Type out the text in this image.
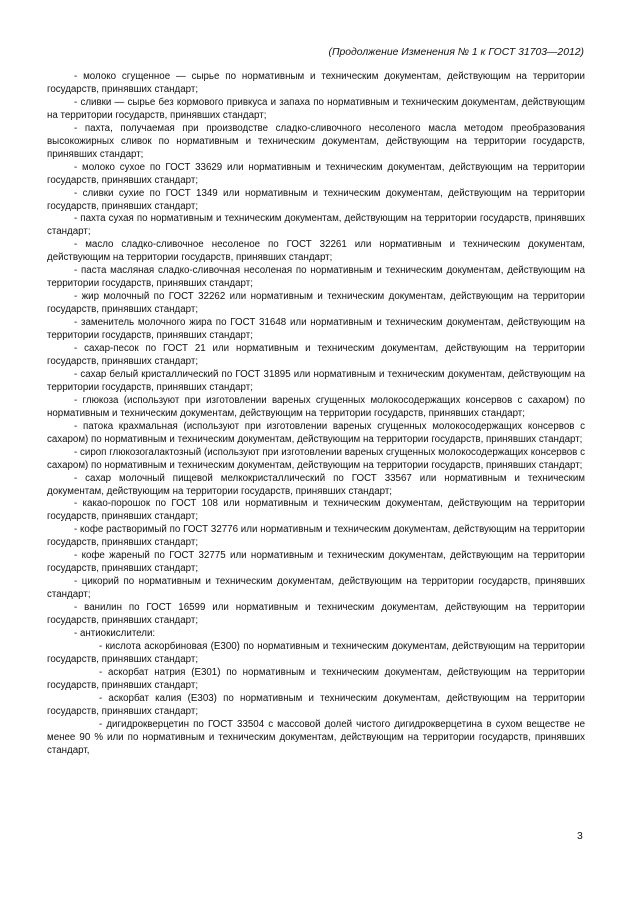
(Продолжение Изменения № 1 к ГОСТ 31703—2012)

- молоко сгущенное — сырье по нормативным и техническим документам, действующим на территории государств, принявших стандарт;

- сливки — сырье без кормового привкуса и запаха по нормативным и техническим документам, действующим на территории государств, принявших стандарт;

- пахта, получаемая при производстве сладко-сливочного несоленого масла методом преобразования высокожирных сливок по нормативным и техническим документам, действующим на территории государств, принявших стандарт;

- молоко сухое по ГОСТ 33629 или нормативным и техническим документам, действующим на территории государств, принявших стандарт;

- сливки сухие по ГОСТ 1349 или нормативным и техническим документам, действующим на территории государств, принявших стандарт;

- пахта сухая по нормативным и техническим документам, действующим на территории государств, принявших стандарт;

- масло сладко-сливочное несоленое по ГОСТ 32261 или нормативным и техническим документам, действующим на территории государств, принявших стандарт;

- паста масляная сладко-сливочная несоленая по нормативным и техническим документам, действующим на территории государств, принявших стандарт;

- жир молочный по ГОСТ 32262 или нормативным и техническим документам, действующим на территории государств, принявших стандарт;

- заменитель молочного жира по ГОСТ 31648 или нормативным и техническим документам, действующим на территории государств, принявших стандарт;

- сахар-песок по ГОСТ 21 или нормативным и техническим документам, действующим на территории государств, принявших стандарт;

- сахар белый кристаллический по ГОСТ 31895 или нормативным и техническим документам, действующим на территории государств, принявших стандарт;

- глюкоза (используют при изготовлении вареных сгущенных молокосодержащих консервов с сахаром) по нормативным и техническим документам, действующим на территории государств, принявших стандарт;

- патока крахмальная (используют при изготовлении вареных сгущенных молокосодержащих консервов с сахаром) по нормативным и техническим документам, действующим на территории государств, принявших стандарт;

- сироп глюкозогалактозный (используют при изготовлении вареных сгущенных молокосодержащих консервов с сахаром) по нормативным и техническим документам, действующим на территории государств, принявших стандарт;

- сахар молочный пищевой мелкокристаллический по ГОСТ 33567 или нормативным и техническим документам, действующим на территории государств, принявших стандарт;

- какао-порошок по ГОСТ 108 или нормативным и техническим документам, действующим на территории государств, принявших стандарт;

- кофе растворимый по ГОСТ 32776 или нормативным и техническим документам, действующим на территории государств, принявших стандарт;

- кофе жареный по ГОСТ 32775 или нормативным и техническим документам, действующим на территории государств, принявших стандарт;

- цикорий по нормативным и техническим документам, действующим на территории государств, принявших стандарт;

- ванилин по ГОСТ 16599 или нормативным и техническим документам, действующим на территории государств, принявших стандарт;

- антиокислители:

- кислота аскорбиновая (Е300) по нормативным и техническим документам, действующим на территории государств, принявших стандарт;

- аскорбат натрия (Е301) по нормативным и техническим документам, действующим на территории государств, принявших стандарт;

- аскорбат калия (Е303) по нормативным и техническим документам, действующим на территории государств, принявших стандарт;

- дигидрокверцетин по ГОСТ 33504 с массовой долей чистого дигидрокверцетина в сухом веществе не менее 90 % или по нормативным и техническим документам, действующим на территории государств, принявших стандарт,

3
